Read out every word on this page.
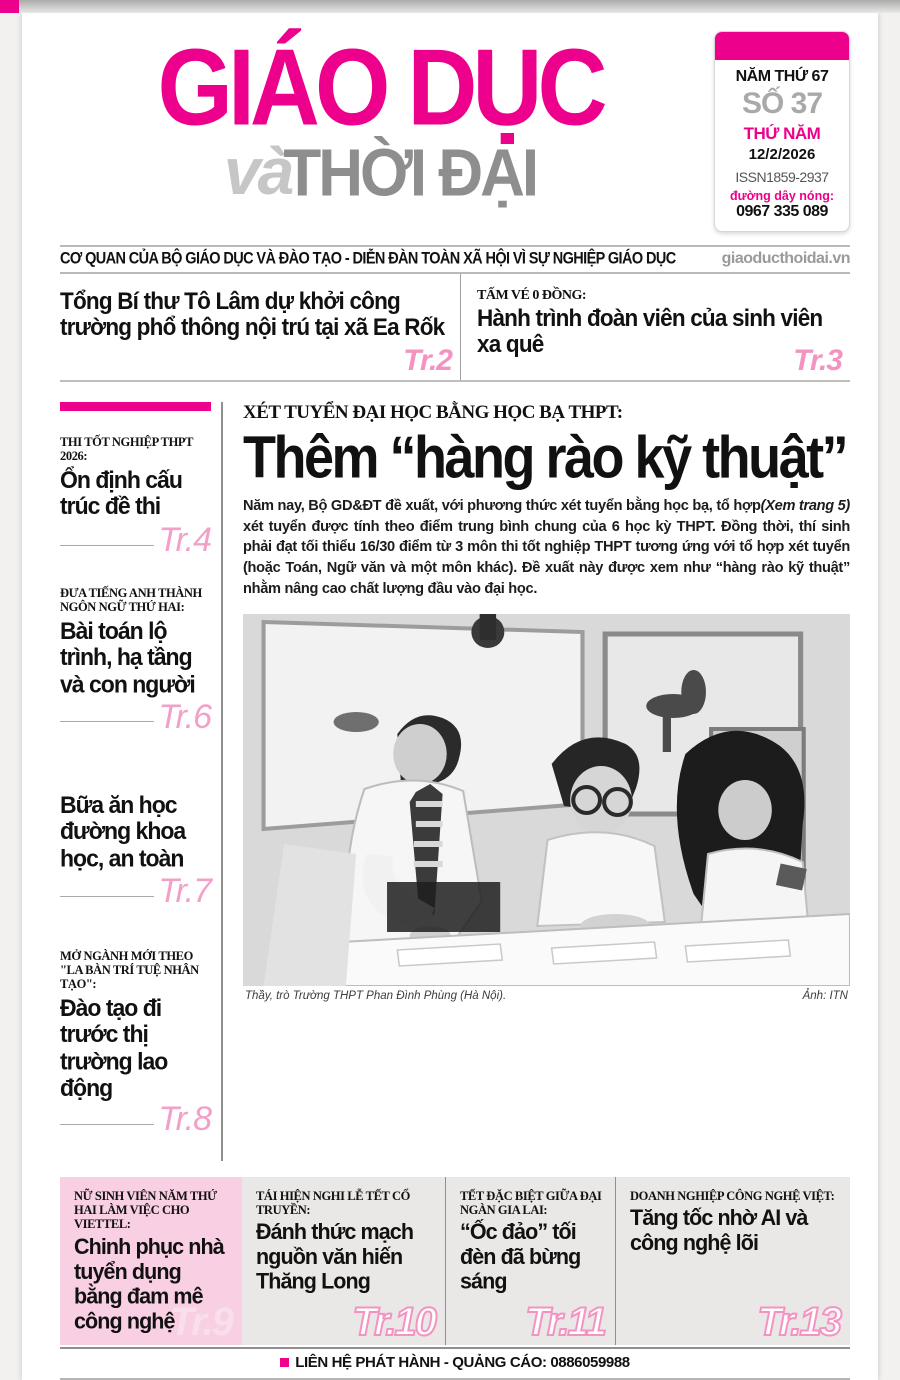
GIÁO DỤC
vàTHỜI ĐẠI
NĂM THỨ 67
SỐ 37
THỨ NĂM
12/2/2026
ISSN1859-2937
đường dây nóng:
0967 335 089
CƠ QUAN CỦA BỘ GIÁO DỤC VÀ ĐÀO TẠO - DIỄN ĐÀN TOÀN XÃ HỘI VÌ SỰ NGHIỆP GIÁO DỤC	giaoducthoidai.vn
Tổng Bí thư Tô Lâm dự khởi công trường phổ thông nội trú tại xã Ea Rốk
Tr.2
TẤM VÉ 0 ĐỒNG:
Hành trình đoàn viên của sinh viên xa quê	Tr.3
THI TỐT NGHIỆP THPT 2026:
Ổn định cấu trúc đề thi
Tr.4
ĐƯA TIẾNG ANH THÀNH NGÔN NGỮ THỨ HAI:
Bài toán lộ trình, hạ tầng và con người
Tr.6
Bữa ăn học đường khoa học, an toàn
Tr.7
MỞ NGÀNH MỚI THEO "LA BÀN TRÍ TUỆ NHÂN TẠO":
Đào tạo đi trước thị trường lao động
Tr.8
XÉT TUYỂN ĐẠI HỌC BẰNG HỌC BẠ THPT:
Thêm “hàng rào kỹ thuật”

(Xem trang 5)
Năm nay, Bộ GD&ĐT đề xuất, với phương thức xét tuyển bằng học bạ, tổ hợp xét tuyển được tính theo điểm trung bình chung của 6 học kỳ THPT. Đồng thời, thí sinh phải đạt tối thiểu 16/30 điểm từ 3 môn thi tốt nghiệp THPT tương ứng với tổ hợp xét tuyển (hoặc Toán, Ngữ văn và một môn khác). Đề xuất này được xem như “hàng rào kỹ thuật” nhằm nâng cao chất lượng đầu vào đại học.

Thầy, trò Trường THPT Phan Đình Phùng (Hà Nội).	Ảnh: ITN
NỮ SINH VIÊN NĂM THỨ HAI LÀM VIỆC CHO VIETTEL:
Chinh phục nhà tuyển dụng bằng đam mê công nghệ
Tr.9
TÁI HIỆN NGHI LỄ TẾT CỔ TRUYỀN:
Đánh thức mạch nguồn văn hiến Thăng Long
Tr.10
TẾT ĐẶC BIỆT GIỮA ĐẠI NGÀN GIA LAI:
“Ốc đảo” tối đèn đã bừng sáng
Tr.11
DOANH NGHIỆP CÔNG NGHỆ VIỆT:
Tăng tốc nhờ AI và công nghệ lõi
Tr.13
LIÊN HỆ PHÁT HÀNH - QUẢNG CÁO: 0886059988
